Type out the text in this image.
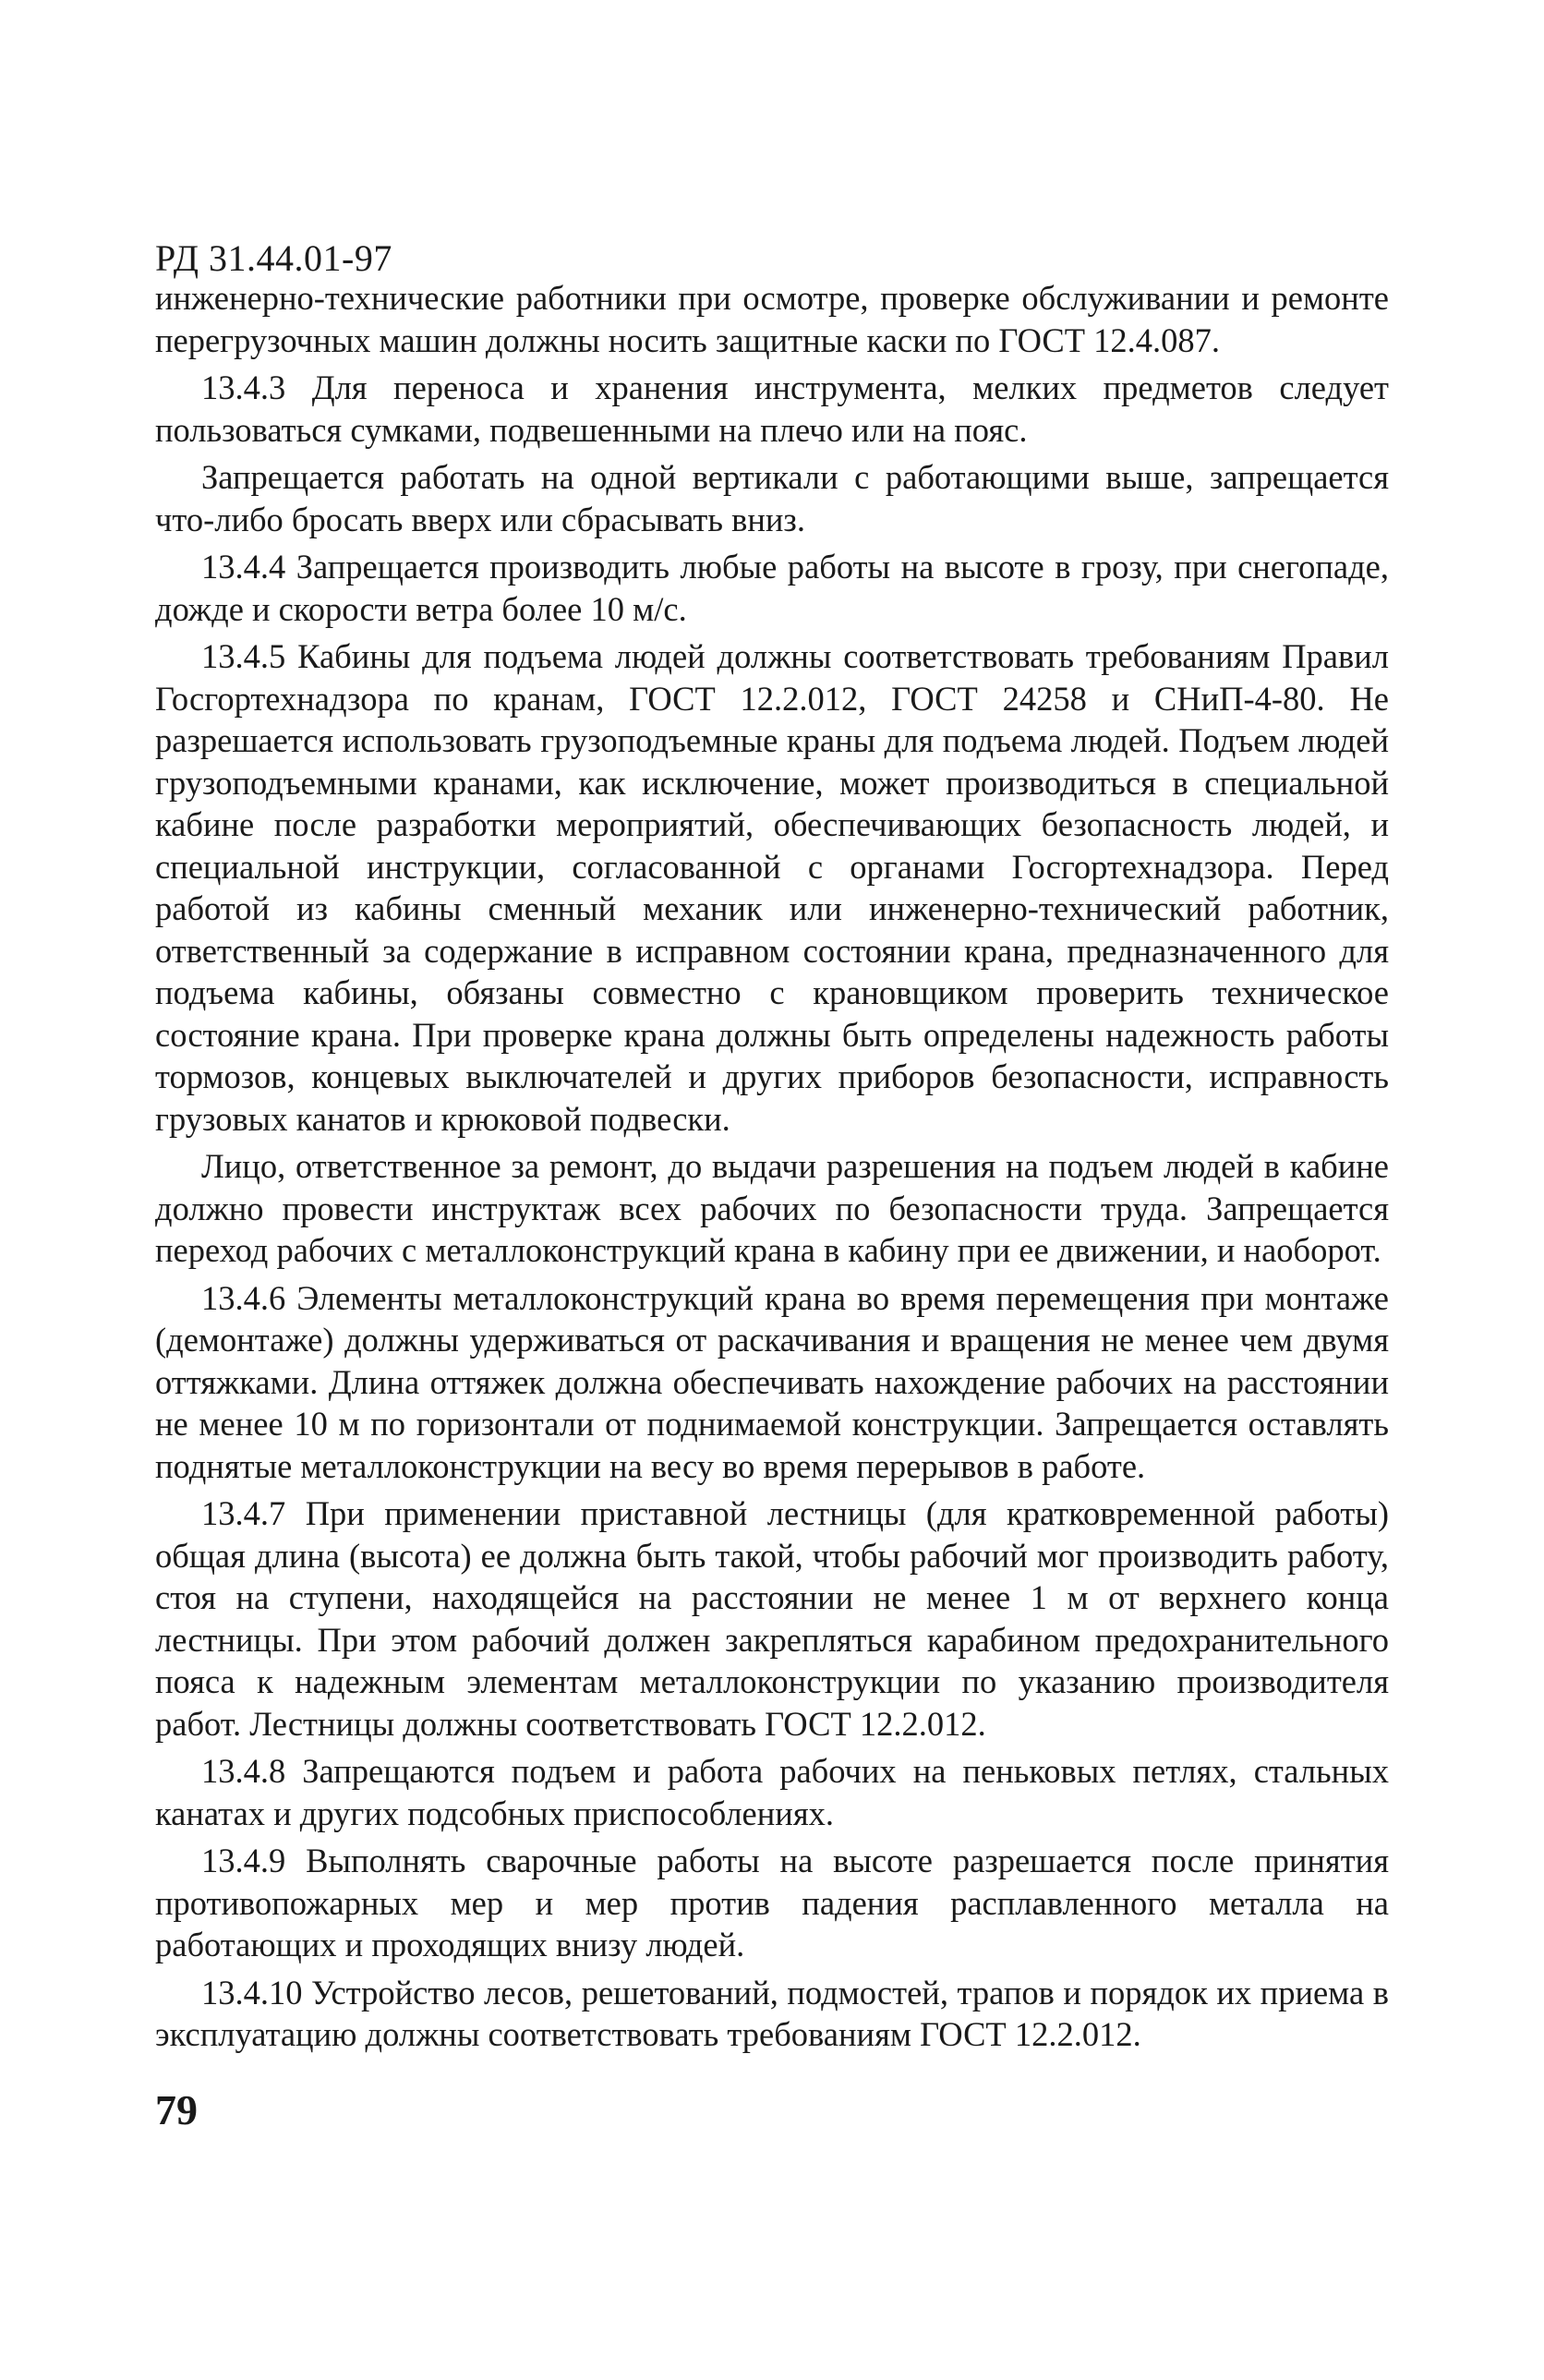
РД 31.44.01-97

инженерно-технические работники при осмотре, проверке обслуживании и ремонте перегрузочных машин должны носить защитные каски по ГОСТ 12.4.087.

13.4.3 Для переноса и хранения инструмента, мелких предметов следует пользоваться сумками, подвешенными на плечо или на пояс.

Запрещается работать на одной вертикали с работающими выше, запрещается что-либо бросать вверх или сбрасывать вниз.

13.4.4 Запрещается производить любые работы на высоте в грозу, при снегопаде, дожде и скорости ветра более 10 м/с.

13.4.5 Кабины для подъема людей должны соответствовать требованиям Правил Госгортехнадзора по кранам, ГОСТ 12.2.012, ГОСТ 24258 и СНиП-4-80. Не разрешается использовать грузоподъемные краны для подъема людей. Подъем людей грузоподъемными кранами, как исключение, может производиться в специальной кабине после разработки мероприятий, обеспечивающих безопасность людей, и специальной инструкции, согласованной с органами Госгортехнадзора. Перед работой из кабины сменный механик или инженерно-технический работник, ответственный за содержание в исправном состоянии крана, предназначенного для подъема кабины, обязаны совместно с крановщиком проверить техническое состояние крана. При проверке крана должны быть определены надежность работы тормозов, концевых выключателей и других приборов безопасности, исправность грузовых канатов и крюковой подвески.

Лицо, ответственное за ремонт, до выдачи разрешения на подъем людей в кабине должно провести инструктаж всех рабочих по безопасности труда. Запрещается переход рабочих с металлоконструкций крана в кабину при ее движении, и наоборот.

13.4.6 Элементы металлоконструкций крана во время перемещения при монтаже (демонтаже) должны удерживаться от раскачивания и вращения не менее чем двумя оттяжками. Длина оттяжек должна обеспечивать нахождение рабочих на расстоянии не менее 10 м по горизонтали от поднимаемой конструкции. Запрещается оставлять поднятые металлоконструкции на весу во время перерывов в работе.

13.4.7 При применении приставной лестницы (для кратковременной работы) общая длина (высота) ее должна быть такой, чтобы рабочий мог производить работу, стоя на ступени, находящейся на расстоянии не менее 1 м от верхнего конца лестницы. При этом рабочий должен закрепляться карабином предохранительного пояса к надежным элементам металлоконструкции по указанию производителя работ. Лестницы должны соответствовать ГОСТ 12.2.012.

13.4.8 Запрещаются подъем и работа рабочих на пеньковых петлях, стальных канатах и других подсобных приспособлениях.

13.4.9 Выполнять сварочные работы на высоте разрешается после принятия противопожарных мер и мер против падения расплавленного металла на работающих и проходящих внизу людей.

13.4.10 Устройство лесов, решетований, подмостей, трапов и порядок их приема в эксплуатацию должны соответствовать требованиям ГОСТ 12.2.012.

79
